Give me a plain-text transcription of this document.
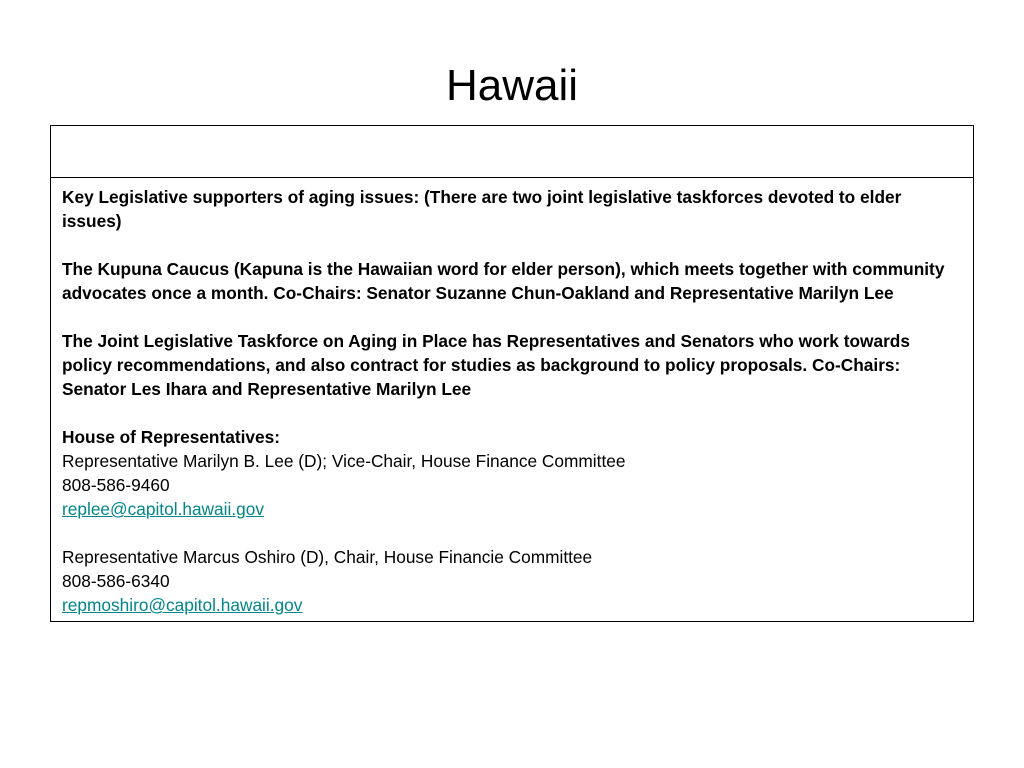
Hawaii

Key Legislative supporters of aging issues: (There are two joint legislative taskforces devoted to elder issues)

The Kupuna Caucus (Kapuna is the Hawaiian word for elder person), which meets together with community advocates once a month. Co-Chairs: Senator Suzanne Chun-Oakland and Representative Marilyn Lee

The Joint Legislative Taskforce on Aging in Place has Representatives and Senators who work towards policy recommendations, and also contract for studies as background to policy proposals. Co-Chairs: Senator Les Ihara and Representative Marilyn Lee

House of Representatives:

Representative Marilyn B. Lee (D); Vice-Chair, House Finance Committee

808-586-9460

replee@capitol.hawaii.gov

Representative Marcus Oshiro (D), Chair, House Financie Committee

808-586-6340

repmoshiro@capitol.hawaii.gov
